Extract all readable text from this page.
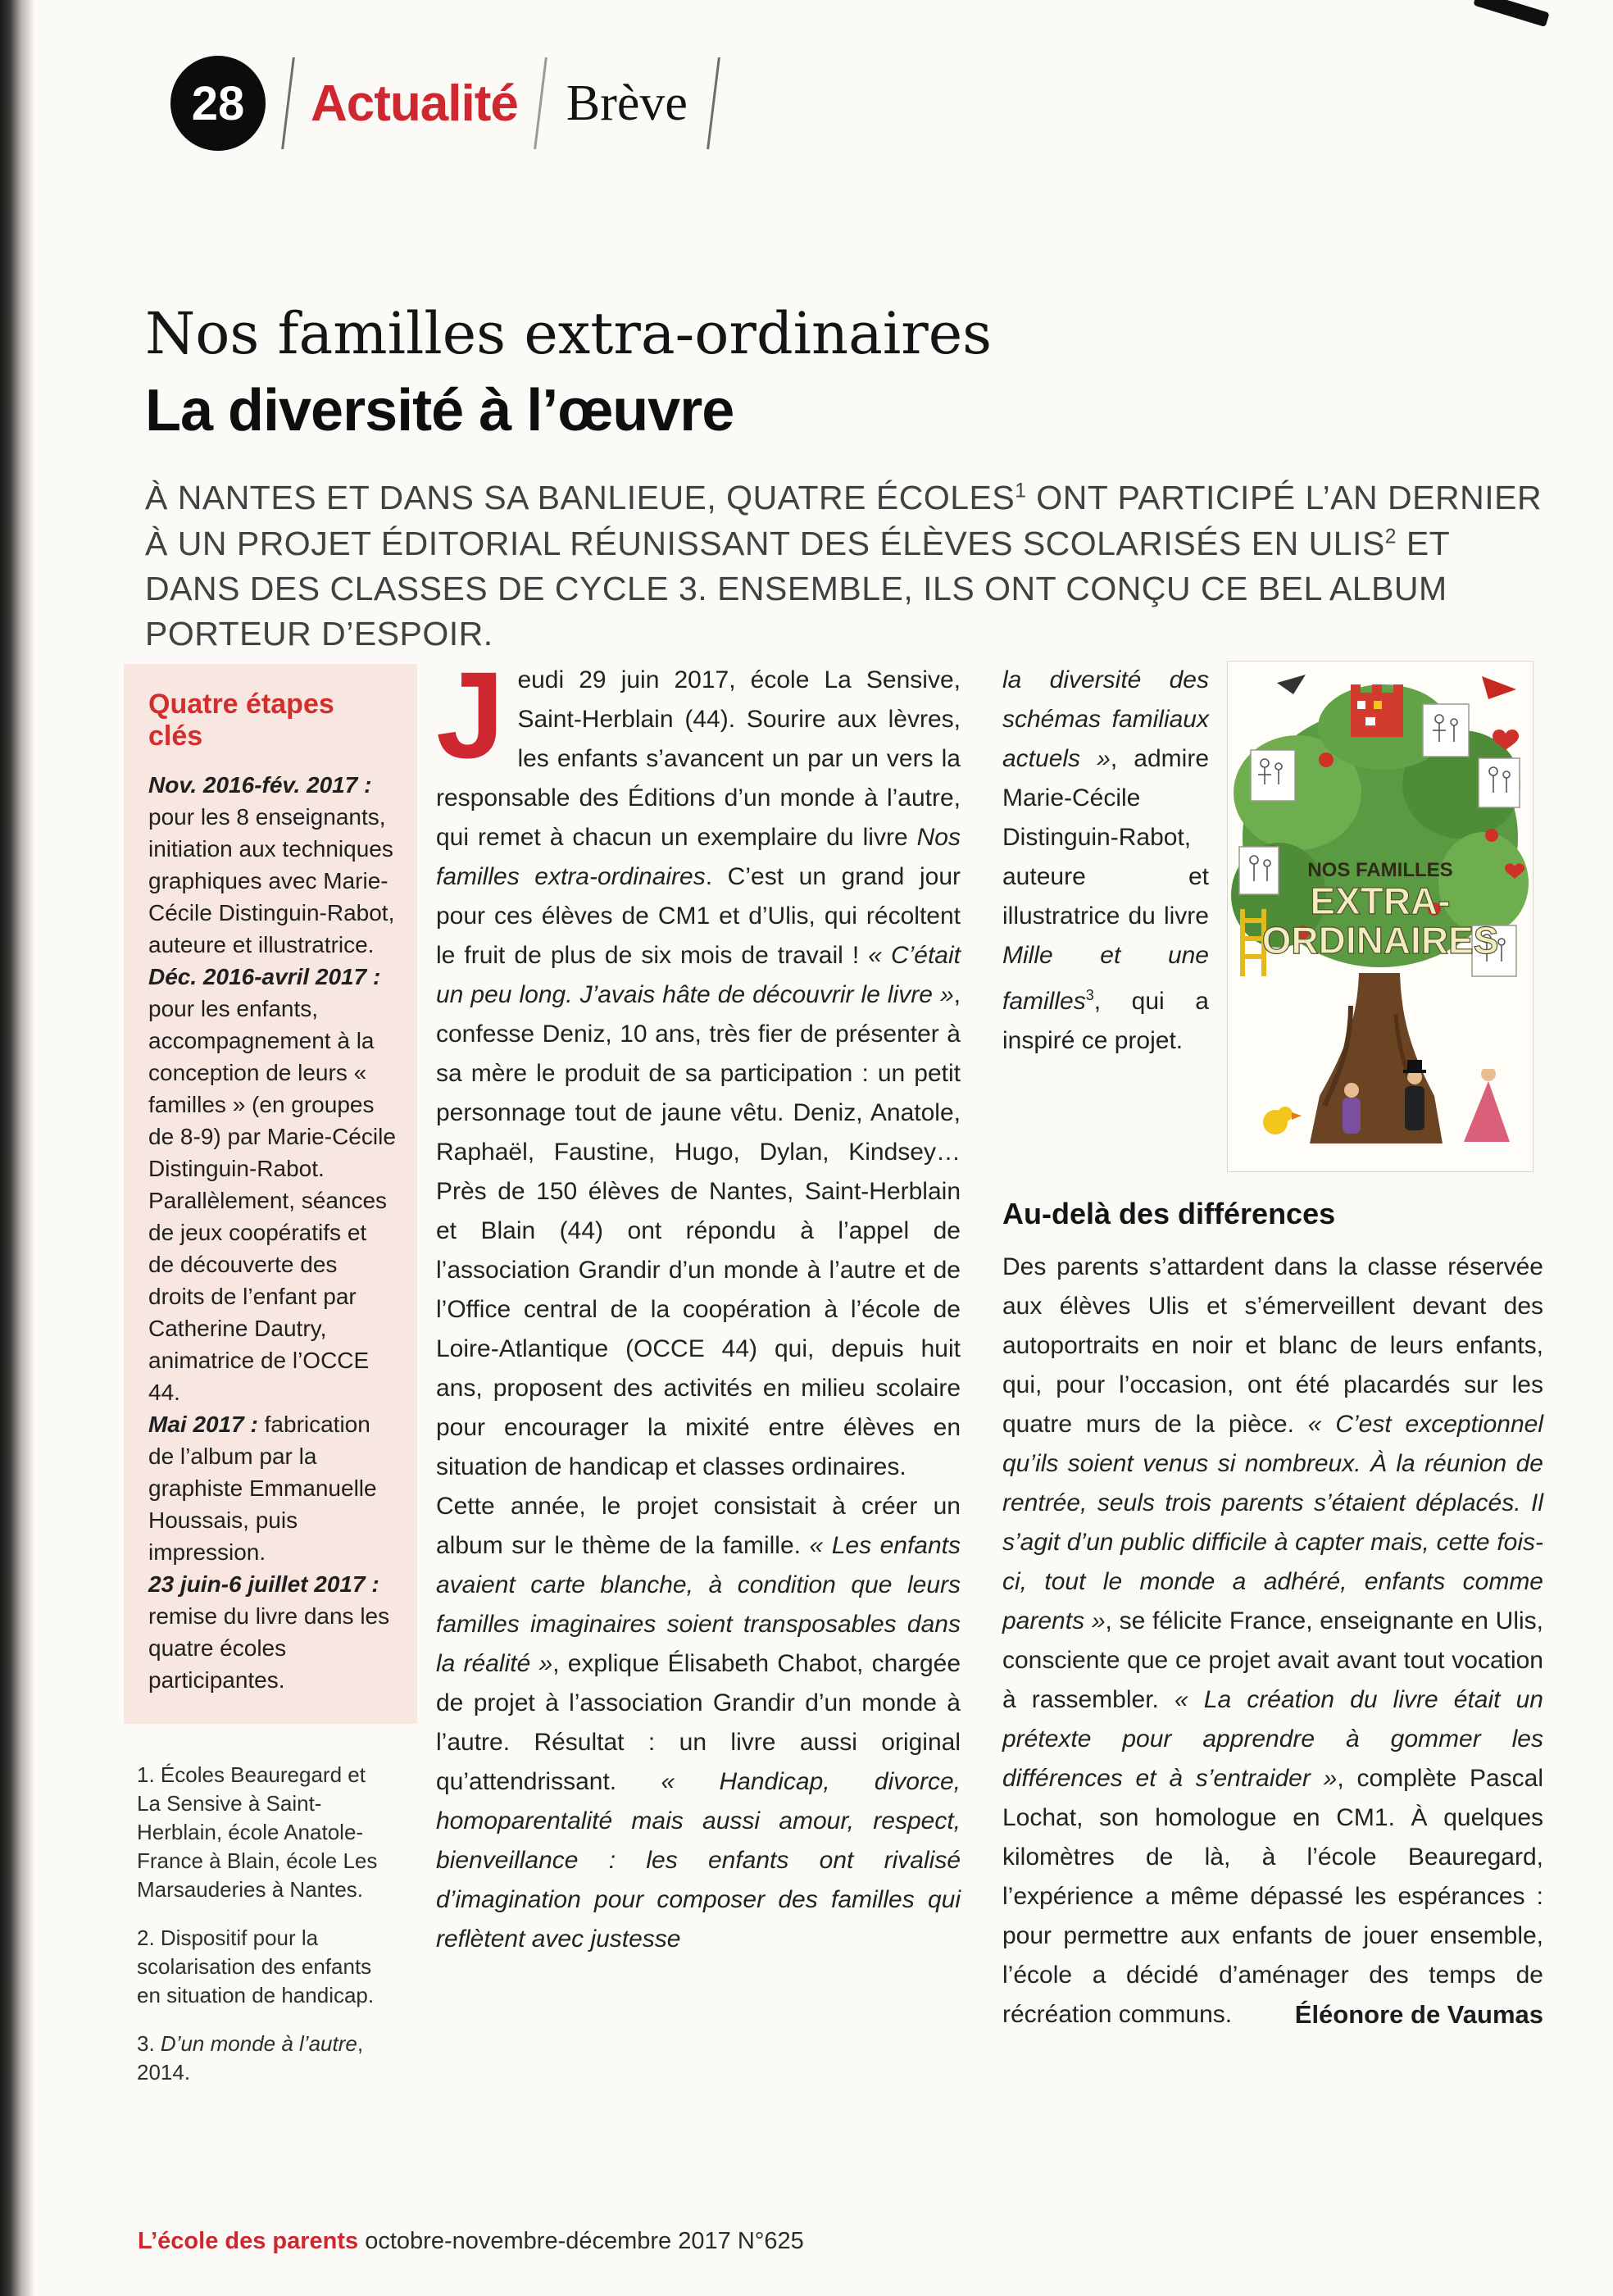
28 Actualité Brève
Nos familles extra-ordinaires
La diversité à l’œuvre
À NANTES ET DANS SA BANLIEUE, QUATRE ÉCOLES$^1$ ONT PARTICIPÉ L’AN DERNIER À UN PROJET ÉDITORIAL RÉUNISSANT DES ÉLÈVES SCOLARISÉS EN ULIS$^2$ ET DANS DES CLASSES DE CYCLE 3. ENSEMBLE, ILS ONT CONÇU CE BEL ALBUM PORTEUR D’ESPOIR.
Quatre étapes clés

Nov. 2016-fév. 2017 : pour les 8 enseignants, initiation aux techniques graphiques avec Marie-Cécile Distinguin-Rabot, auteure et illustratrice.

Déc. 2016-avril 2017 : pour les enfants, accompagnement à la conception de leurs « familles » (en groupes de 8-9) par Marie-Cécile Distinguin-Rabot. Parallèlement, séances de jeux coopératifs et de découverte des droits de l’enfant par Catherine Dautry, animatrice de l’OCCE 44.

Mai 2017 : fabrication de l’album par la graphiste Emmanuelle Houssais, puis impression.

23 juin-6 juillet 2017 : remise du livre dans les quatre écoles participantes.

1. Écoles Beauregard et La Sensive à Saint-Herblain, école Anatole-France à Blain, école Les Marsauderies à Nantes.

2. Dispositif pour la scolarisation des enfants en situation de handicap.

3. D’un monde à l’autre, 2014.

Jeudi 29 juin 2017, école La Sensive, Saint-Herblain (44). Sourire aux lèvres, les enfants s’avancent un par un vers la responsable des Éditions d’un monde à l’autre, qui remet à chacun un exemplaire du livre Nos familles extra-ordinaires. C’est un grand jour pour ces élèves de CM1 et d’Ulis, qui récoltent le fruit de plus de six mois de travail ! « C’était un peu long. J’avais hâte de découvrir le livre », confesse Deniz, 10 ans, très fier de présenter à sa mère le produit de sa participation : un petit personnage tout de jaune vêtu. Deniz, Anatole, Raphaël, Faustine, Hugo, Dylan, Kindsey… Près de 150 élèves de Nantes, Saint-Herblain et Blain (44) ont répondu à l’appel de l’association Grandir d’un monde à l’autre et de l’Office central de la coopération à l’école de Loire-Atlantique (OCCE 44) qui, depuis huit ans, proposent des activités en milieu scolaire pour encourager la mixité entre élèves en situation de handicap et classes ordinaires.

Cette année, le projet consistait à créer un album sur le thème de la famille. « Les enfants avaient carte blanche, à condition que leurs familles imaginaires soient transposables dans la réalité », explique Élisabeth Chabot, chargée de projet à l’association Grandir d’un monde à l’autre. Résultat : un livre aussi original qu’attendrissant. « Handicap, divorce, homoparentalité mais aussi amour, respect, bienveillance : les enfants ont rivalisé d’imagination pour composer des familles qui reflètent avec justesse

la diversité des schémas familiaux actuels », admire Marie-Cécile Distinguin-Rabot, auteure et illustratrice du livre Mille et une familles$^3$, qui a inspiré ce projet.

NOS FAMILLES
EXTRA-
ORDINAIRES
Au-delà des différences

Des parents s’attardent dans la classe réservée aux élèves Ulis et s’émerveillent devant des autoportraits en noir et blanc de leurs enfants, qui, pour l’occasion, ont été placardés sur les quatre murs de la pièce. « C’est exceptionnel qu’ils soient venus si nombreux. À la réunion de rentrée, seuls trois parents s’étaient déplacés. Il s’agit d’un public difficile à capter mais, cette fois-ci, tout le monde a adhéré, enfants comme parents », se félicite France, enseignante en Ulis, consciente que ce projet avait avant tout vocation à rassembler. « La création du livre était un prétexte pour apprendre à gommer les différences et à s’entraider », complète Pascal Lochat, son homologue en CM1. À quelques kilomètres de là, à l’école Beauregard, l’expérience a même dépassé les espérances : pour permettre aux enfants de jouer ensemble, l’école a décidé d’aménager des temps de récréation communs.	Éléonore de Vaumas
L’école des parents octobre-novembre-décembre 2017 N°625
